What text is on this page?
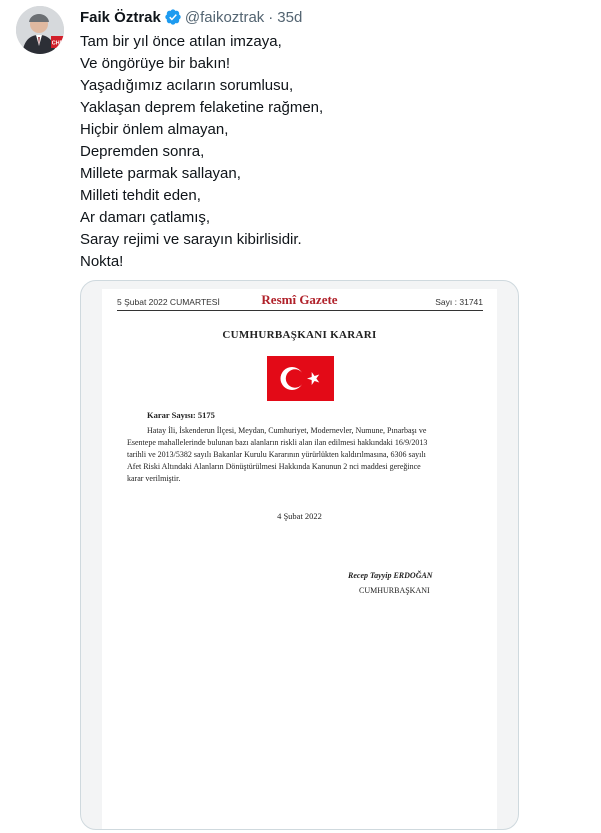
CHP
Faik Öztrak @faikoztrak · 35d
Tam bir yıl önce atılan imzaya,
Ve öngörüye bir bakın!
Yaşadığımız acıların sorumlusu,
Yaklaşan deprem felaketine rağmen,
Hiçbir önlem almayan,
Depremden sonra,
Millete parmak sallayan,
Milleti tehdit eden,
Ar damarı çatlamış,
Saray rejimi ve sarayın kibirlisidir.
Nokta!
5 Şubat 2022 CUMARTESİ	Resmî Gazete	Sayı : 31741
CUMHURBAŞKANI KARARI
Karar Sayısı: 5175
Hatay İli, İskenderun İlçesi, Meydan, Cumhuriyet, Modernevler, Numune, Pınarbaşı ve
Esentepe mahallelerinde bulunan bazı alanların riskli alan ilan edilmesi hakkındaki 16/9/2013
tarihli ve 2013/5382 sayılı Bakanlar Kurulu Kararının yürürlükten kaldırılmasına, 6306 sayılı
Afet Riski Altındaki Alanların Dönüştürülmesi Hakkında Kanunun 2 nci maddesi gereğince
karar verilmiştir.
4 Şubat 2022
Recep Tayyip ERDOĞAN
CUMHURBAŞKANI
